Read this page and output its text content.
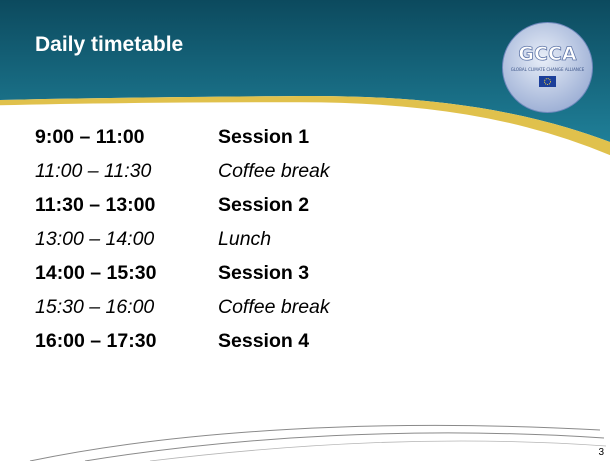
Daily timetable	GCCA
GLOBAL CLIMATE CHANGE ALLIANCE
9:00 – 11:00	Session 1
11:00 – 11:30	Coffee break
11:30 – 13:00	Session 2
13:00 – 14:00	Lunch
14:00 – 15:30	Session 3
15:30 – 16:00	Coffee break
16:00 – 17:30	Session 4
3
